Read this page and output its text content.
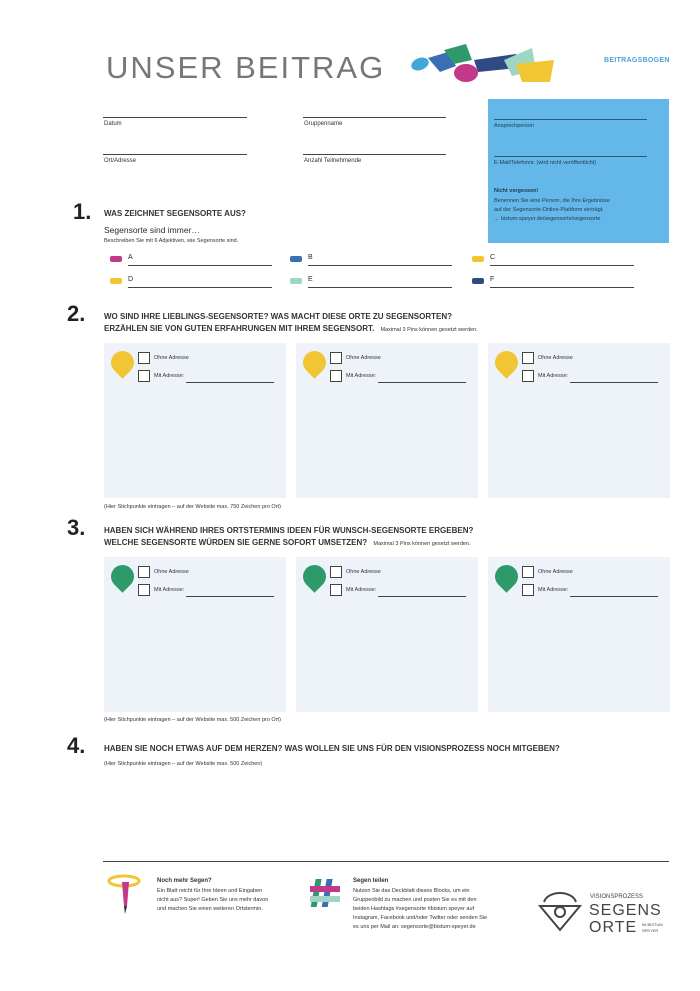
UNSER BEITRAG	BEITRAGSBOGEN
Datum	Gruppenname
Ort/Adresse	Anzahl Teilnehmende
Ansprechperson
E-Mail/Telefonnr. (wird nicht veröffentlicht)
Nicht vergessen!
Benennen Sie eine Person, die Ihre Ergebnisse
auf der Segensorte-Online-Plattform einträgt.
→ bistum-speyer.de/segensorte/segensorte
1. WAS ZEICHNET SEGENSORTE AUS?
Segensorte sind immer…
Beschreiben Sie mit 6 Adjektiven, wie Segensorte sind.
A	B	C
D	E	F
2. WO SIND IHRE LIEBLINGS-SEGENSORTE? WAS MACHT DIESE ORTE ZU SEGENSORTEN?
ERZÄHLEN SIE VON GUTEN ERFAHRUNGEN MIT IHREM SEGENSORT. Maximal 3 Pins können gesetzt werden.
Ohne Adresse
Mit Adresse:
Ohne Adresse
Mit Adresse:
Ohne Adresse
Mit Adresse:
(Hier Stichpunkte eintragen – auf der Website max. 750 Zeichen pro Ort)
3. HABEN SICH WÄHREND IHRES ORTSTERMINS IDEEN FÜR WUNSCH-SEGENSORTE ERGEBEN?
WELCHE SEGENSORTE WÜRDEN SIE GERNE SOFORT UMSETZEN? Maximal 3 Pins können gesetzt werden.
Ohne Adresse
Mit Adresse:
Ohne Adresse
Mit Adresse:
Ohne Adresse
Mit Adresse:
(Hier Stichpunkte eintragen – auf der Website max. 500 Zeichen pro Ort)
4. HABEN SIE NOCH ETWAS AUF DEM HERZEN? WAS WOLLEN SIE UNS FÜR DEN VISIONSPROZESS NOCH MITGEBEN?
(Hier Stichpunkte eintragen – auf der Website max. 500 Zeichen)
Noch mehr Segen?
Ein Blatt reicht für Ihre Ideen und Eingaben
nicht aus? Super! Geben Sie uns mehr davon
und machen Sie einen weiteren Ortstermin.
Segen teilen
Nutzen Sie das Deckblatt dieses Blocks, um ein
Gruppenbild zu machen und posten Sie es mit den
beiden Hashtags #segensorte #bistum speyer auf
Instagram, Facebook und/oder Twitter oder senden Sie
es uns per Mail an: segensorte@bistum-speyer.de
VISIONSPROZESS
SEGENS
ORTE IM BISTUM
SPEYER
